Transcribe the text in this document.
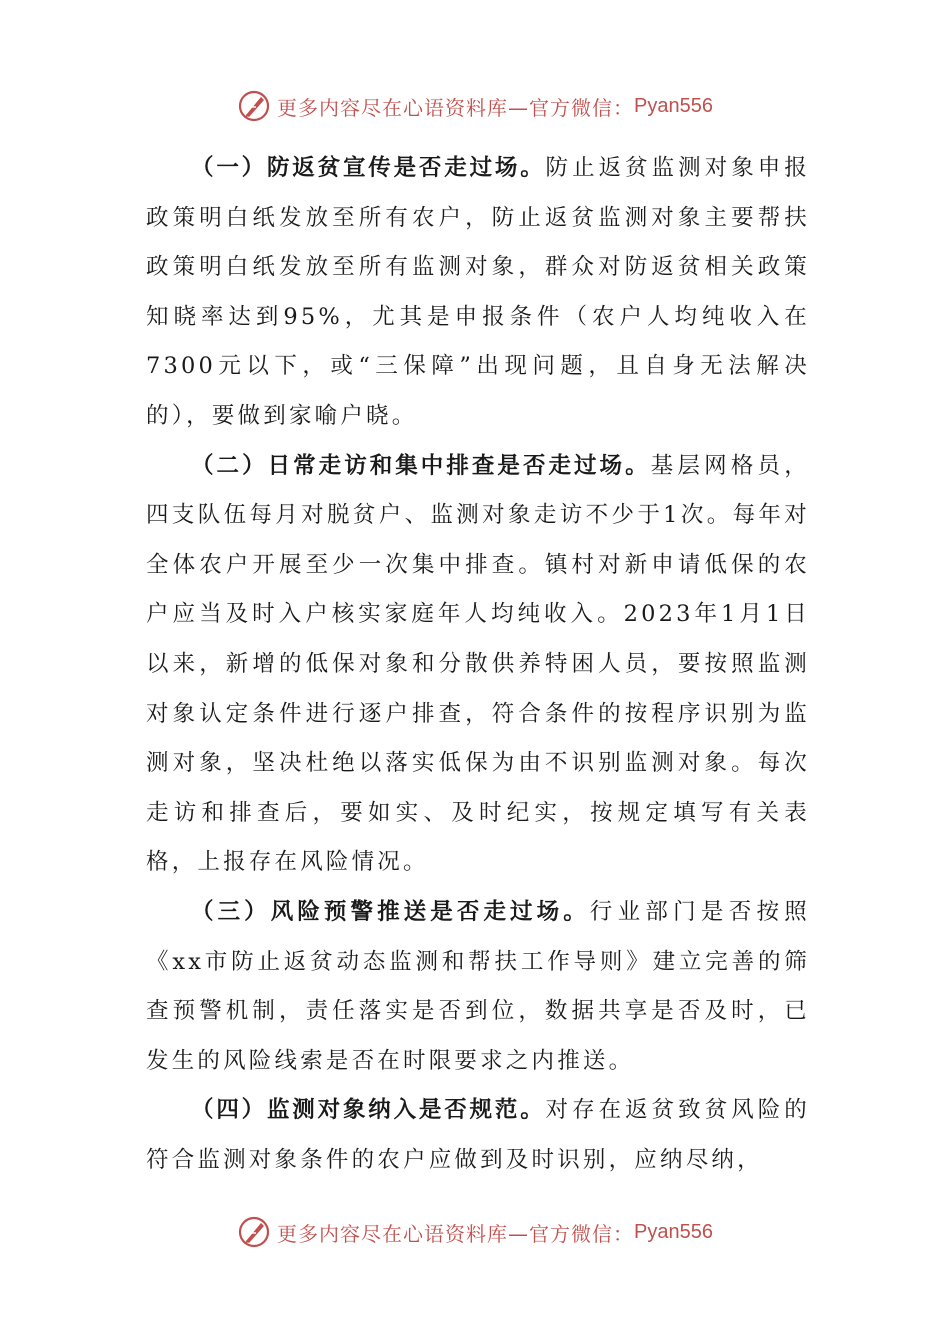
更多内容尽在心语资料库—官方微信： Pyan556

（一）防返贫宣传是否走过场。防止返贫监测对象申报政策明白纸发放至所有农户，防止返贫监测对象主要帮扶政策明白纸发放至所有监测对象，群众对防返贫相关政策知晓率达到95%，尤其是申报条件（农户人均纯收入在7300元以下，或“三保障”出现问题，且自身无法解决的），要做到家喻户晓。

（二）日常走访和集中排查是否走过场。基层网格员，四支队伍每月对脱贫户、监测对象走访不少于1次。每年对全体农户开展至少一次集中排查。镇村对新申请低保的农户应当及时入户核实家庭年人均纯收入。2023年1月1日以来，新增的低保对象和分散供养特困人员，要按照监测对象认定条件进行逐户排查，符合条件的按程序识别为监测对象，坚决杜绝以落实低保为由不识别监测对象。每次走访和排查后，要如实、及时纪实，按规定填写有关表格，上报存在风险情况。

（三）风险预警推送是否走过场。行业部门是否按照《xx市防止返贫动态监测和帮扶工作导则》建立完善的筛查预警机制，责任落实是否到位，数据共享是否及时，已发生的风险线索是否在时限要求之内推送。

（四）监测对象纳入是否规范。对存在返贫致贫风险的符合监测对象条件的农户应做到及时识别，应纳尽纳，

更多内容尽在心语资料库—官方微信： Pyan556
